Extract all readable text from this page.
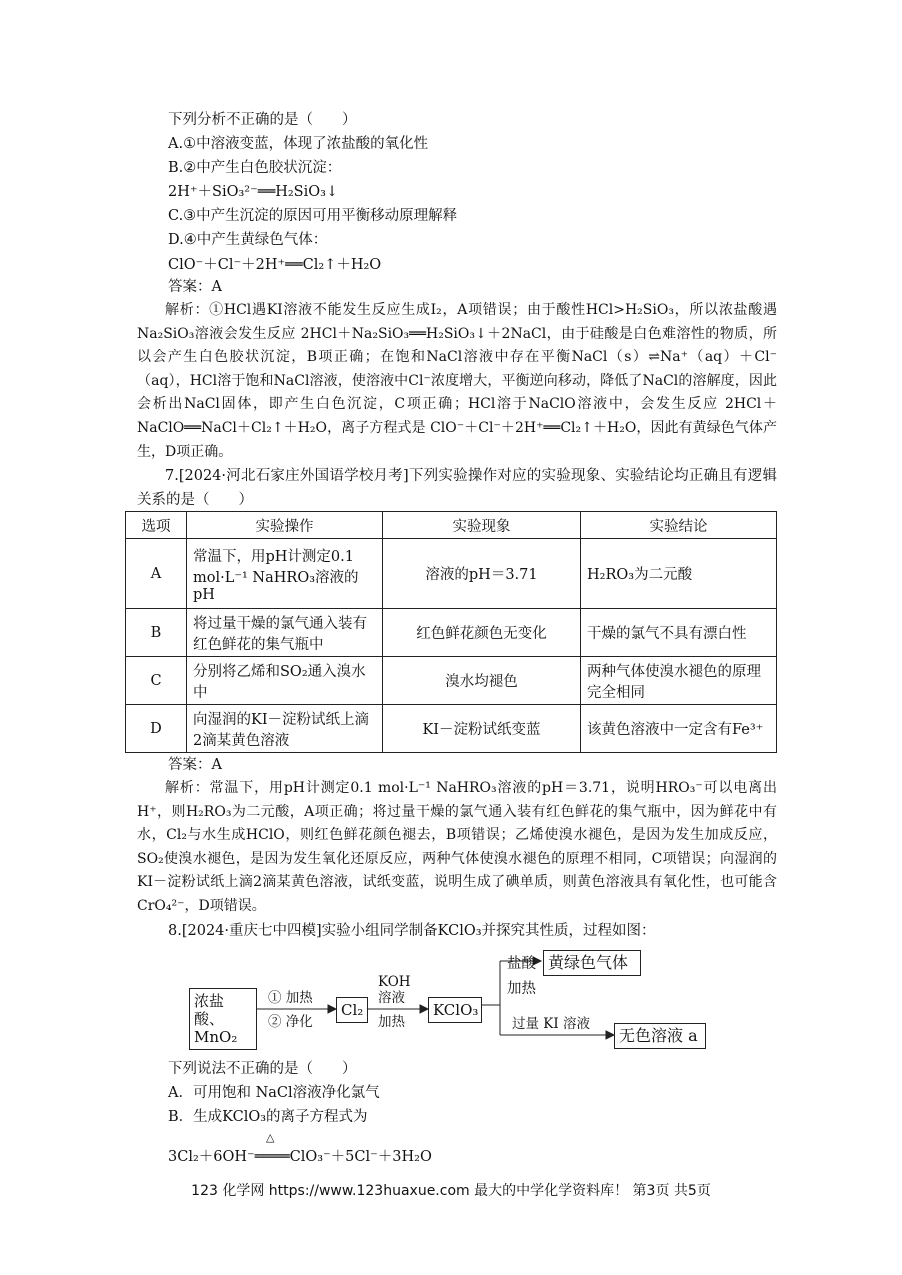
下列分析不正确的是（　　）
A.①中溶液变蓝，体现了浓盐酸的氧化性
B.②中产生白色胶状沉淀：
2H⁺＋SiO₃²⁻══H₂SiO₃↓
C.③中产生沉淀的原因可用平衡移动原理解释
D.④中产生黄绿色气体：
ClO⁻＋Cl⁻＋2H⁺══Cl₂↑＋H₂O
答案：A
解析：①HCl遇KI溶液不能发生反应生成I₂，A项错误；由于酸性HCl>H₂SiO₃，所以浓盐酸遇Na₂SiO₃溶液会发生反应 2HCl＋Na₂SiO₃══H₂SiO₃↓＋2NaCl，由于硅酸是白色难溶性的物质，所以会产生白色胶状沉淀，B项正确；在饱和NaCl溶液中存在平衡NaCl（s）⇌Na⁺（aq）＋Cl⁻（aq），HCl溶于饱和NaCl溶液，使溶液中Cl⁻浓度增大，平衡逆向移动，降低了NaCl的溶解度，因此会析出NaCl固体，即产生白色沉淀，C项正确；HCl溶于NaClO溶液中，会发生反应 2HCl＋NaClO══NaCl＋Cl₂↑＋H₂O，离子方程式是 ClO⁻＋Cl⁻＋2H⁺══Cl₂↑＋H₂O，因此有黄绿色气体产生，D项正确。
7.[2024·河北石家庄外国语学校月考]下列实验操作对应的实验现象、实验结论均正确且有逻辑关系的是（　　）
选项	实验操作	实验现象	实验结论
A	常温下，用pH计测定0.1 mol·L⁻¹ NaHRO₃溶液的pH	溶液的pH＝3.71	H₂RO₃为二元酸
B	将过量干燥的氯气通入装有红色鲜花的集气瓶中	红色鲜花颜色无变化	干燥的氯气不具有漂白性
C	分别将乙烯和SO₂通入溴水中	溴水均褪色	两种气体使溴水褪色的原理完全相同
D	向湿润的KI－淀粉试纸上滴2滴某黄色溶液	KI－淀粉试纸变蓝	该黄色溶液中一定含有Fe³⁺
答案：A
解析：常温下，用pH计测定0.1 mol·L⁻¹ NaHRO₃溶液的pH＝3.71，说明HRO₃⁻可以电离出H⁺，则H₂RO₃为二元酸，A项正确；将过量干燥的氯气通入装有红色鲜花的集气瓶中，因为鲜花中有水，Cl₂与水生成HClO，则红色鲜花颜色褪去，B项错误；乙烯使溴水褪色，是因为发生加成反应，SO₂使溴水褪色，是因为发生氧化还原反应，两种气体使溴水褪色的原理不相同，C项错误；向湿润的KI－淀粉试纸上滴2滴某黄色溶液，试纸变蓝，说明生成了碘单质，则黄色溶液具有氧化性，也可能含CrO₄²⁻，D项错误。
8.[2024·重庆七中四模]实验小组同学制备KClO₃并探究其性质，过程如图：
浓盐酸、
MnO₂
① 加热
② 净化
Cl₂
KOH
溶液
加热
KClO₃
盐酸
加热
黄绿色气体
过量 KI 溶液
无色溶液 a
下列说法不正确的是（　　）
A．可用饱和 NaCl溶液净化氯气
B．生成KClO₃的离子方程式为
△
3Cl₂＋6OH⁻════ClO₃⁻＋5Cl⁻＋3H₂O
123 化学网 https://www.123huaxue.com 最大的中学化学资料库！ 第3页 共5页
